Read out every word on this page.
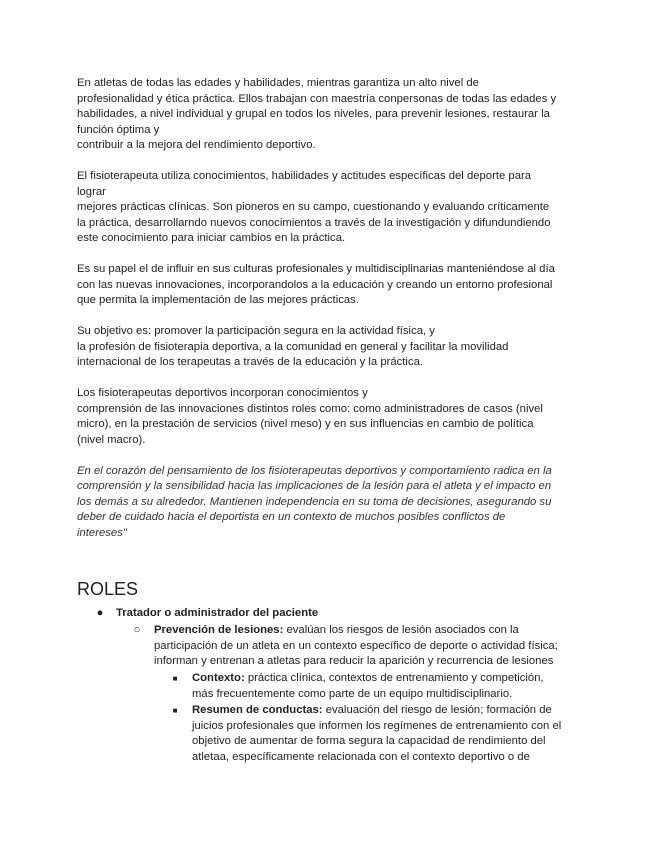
En atletas de todas las edades y habilidades, mientras garantiza un alto nivel de
profesionalidad y ética práctica. Ellos trabajan con maestría conpersonas de todas las edades y
habilidades, a nivel individual y grupal en todos los niveles, para prevenir lesiones, restaurar la
función óptima y
contribuir a la mejora del rendimiento deportivo.
El fisioterapeuta utiliza conocimientos, habilidades y actitudes específicas del deporte para
lograr
mejores prácticas clínicas. Son pioneros en su campo, cuestionando y evaluando críticamente
la práctica, desarrollarndo nuevos conocimientos a través de la investigación y difundundiendo
este conocimiento para iniciar cambios en la práctica.
Es su papel el de influir en sus culturas profesionales y multidisciplinarias manteniéndose al día
con las nuevas innovaciones, incorporandolos a la educación y creando un entorno profesional
que permita la implementación de las mejores prácticas.
Su objetivo es: promover la participación segura en la actividad física, y
la profesión de fisioterapia deportiva, a la comunidad en general y facilitar la movilidad
internacional de los terapeutas a través de la educación y la práctica.
Los fisioterapeutas deportivos incorporan conocimientos y
comprensión de las innovaciones distintos roles como: como administradores de casos (nivel
micro), en la prestación de servicios (nivel meso) y en sus influencias en cambio de política
(nivel macro).
En el corazón del pensamiento de los fisioterapeutas deportivos y comportamiento radica en la
comprensión y la sensibilidad hacia las implicaciones de la lesión para el atleta y el impacto en
los demás a su alrededor. Mantienen independencia en su toma de decisiones, asegurando su
deber de cuidado hacia el deportista en un contexto de muchos posibles conflictos de
intereses"
ROLES
● Tratador o administrador del paciente
○ Prevención de lesiones: evalúan los riesgos de lesión asociados con la
participación de un atleta en un contexto específico de deporte o actividad física;
informan y entrenan a atletas para reducir la aparición y recurrencia de lesiones
■	Contexto: práctica clínica, contextos de entrenamiento y competición,
más frecuentemente como parte de un equipo multidisciplinario.
■	Resumen de conductas: evaluación del riesgo de lesión; formación de
juicios profesionales que informen los regímenes de entrenamiento con el
objetivo de aumentar de forma segura la capacidad de rendimiento del
atletaa, específicamente relacionada con el contexto deportivo o de
